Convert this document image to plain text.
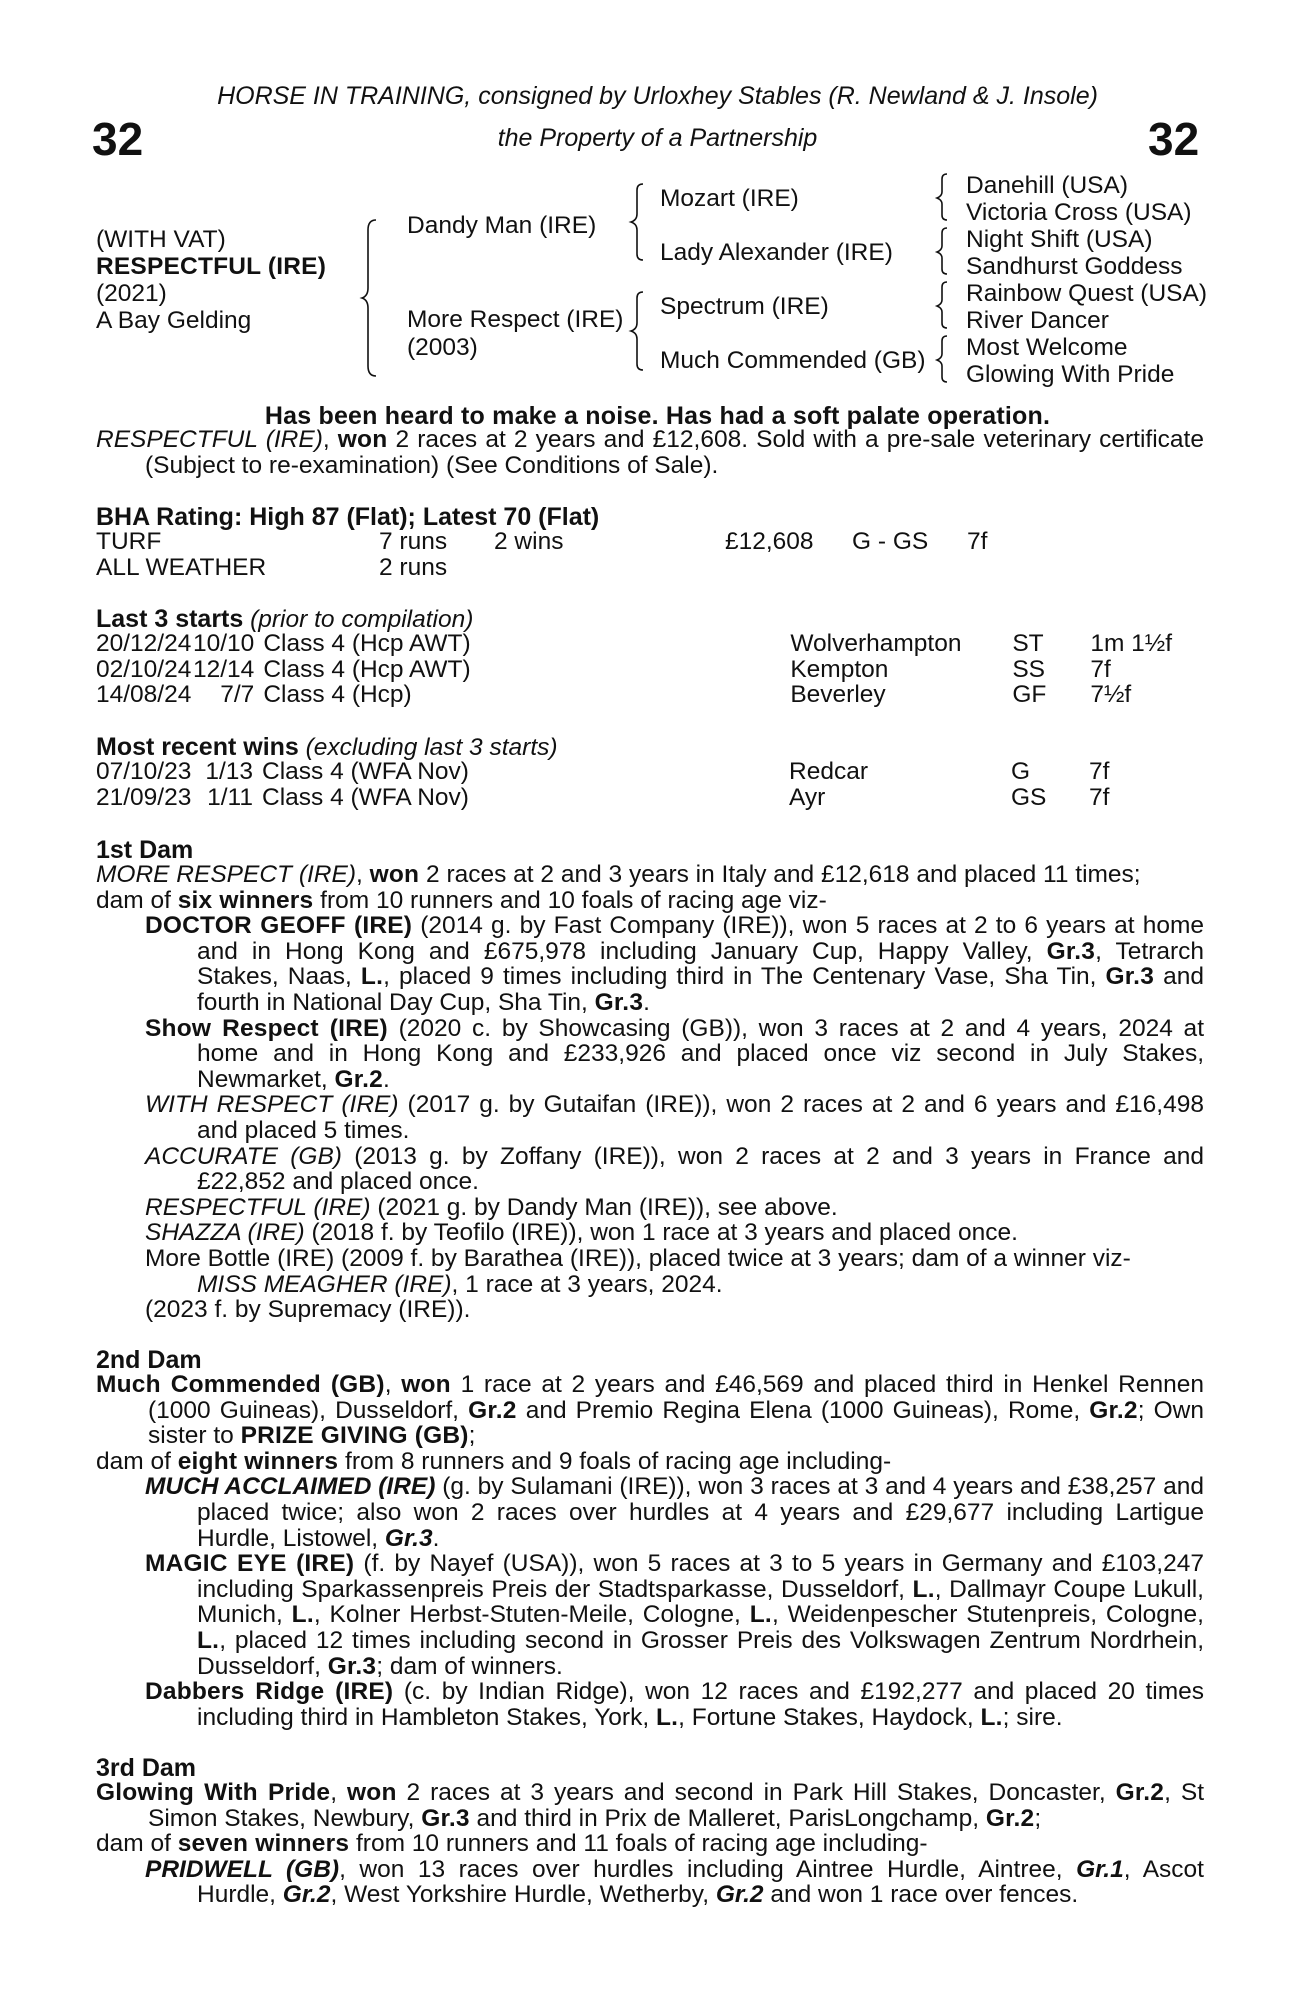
32	32
HORSE IN TRAINING, consigned by Urloxhey Stables (R. Newland & J. Insole)
the Property of a Partnership
(WITH VAT)
RESPECTFUL (IRE)
(2021)
A Bay Gelding
Dandy Man (IRE)
More Respect (IRE)
(2003)
Mozart (IRE)
Lady Alexander (IRE)
Spectrum (IRE)
Much Commended (GB)
Danehill (USA)
Victoria Cross (USA)
Night Shift (USA)
Sandhurst Goddess
Rainbow Quest (USA)
River Dancer
Most Welcome
Glowing With Pride
Has been heard to make a noise. Has had a soft palate operation.

RESPECTFUL (IRE), won 2 races at 2 years and £12,608. Sold with a pre-sale veterinary certificate (Subject to re-examination) (See Conditions of Sale).

BHA Rating: High 87 (Flat); Latest 70 (Flat)
TURF	7 runs	2 wins	£12,608	G - GS	7f
ALL WEATHER	2 runs				
Last 3 starts (prior to compilation)
20/12/24	10/10	Class 4 (Hcp AWT)	Wolverhampton	ST	1m 1½f
02/10/24	12/14	Class 4 (Hcp AWT)	Kempton	SS	7f
14/08/24	7/7	Class 4 (Hcp)	Beverley	GF	7½f
Most recent wins (excluding last 3 starts)
07/10/23	1/13	Class 4 (WFA Nov)	Redcar	G	7f
21/09/23	1/11	Class 4 (WFA Nov)	Ayr	GS	7f
1st Dam

MORE RESPECT (IRE), won 2 races at 2 and 3 years in Italy and £12,618 and placed 11 times;

dam of six winners from 10 runners and 10 foals of racing age viz-

DOCTOR GEOFF (IRE) (2014 g. by Fast Company (IRE)), won 5 races at 2 to 6 years at home and in Hong Kong and £675,978 including January Cup, Happy Valley, Gr.3, Tetrarch Stakes, Naas, L., placed 9 times including third in The Centenary Vase, Sha Tin, Gr.3 and fourth in National Day Cup, Sha Tin, Gr.3.

Show Respect (IRE) (2020 c. by Showcasing (GB)), won 3 races at 2 and 4 years, 2024 at home and in Hong Kong and £233,926 and placed once viz second in July Stakes, Newmarket, Gr.2.

WITH RESPECT (IRE) (2017 g. by Gutaifan (IRE)), won 2 races at 2 and 6 years and £16,498 and placed 5 times.

ACCURATE (GB) (2013 g. by Zoffany (IRE)), won 2 races at 2 and 3 years in France and £22,852 and placed once.

RESPECTFUL (IRE) (2021 g. by Dandy Man (IRE)), see above.

SHAZZA (IRE) (2018 f. by Teofilo (IRE)), won 1 race at 3 years and placed once.

More Bottle (IRE) (2009 f. by Barathea (IRE)), placed twice at 3 years; dam of a winner viz-

MISS MEAGHER (IRE), 1 race at 3 years, 2024.

(2023 f. by Supremacy (IRE)).

2nd Dam

Much Commended (GB), won 1 race at 2 years and £46,569 and placed third in Henkel Rennen (1000 Guineas), Dusseldorf, Gr.2 and Premio Regina Elena (1000 Guineas), Rome, Gr.2; Own sister to PRIZE GIVING (GB);

dam of eight winners from 8 runners and 9 foals of racing age including-

MUCH ACCLAIMED (IRE) (g. by Sulamani (IRE)), won 3 races at 3 and 4 years and £38,257 and placed twice; also won 2 races over hurdles at 4 years and £29,677 including Lartigue Hurdle, Listowel, Gr.3.

MAGIC EYE (IRE) (f. by Nayef (USA)), won 5 races at 3 to 5 years in Germany and £103,247 including Sparkassenpreis Preis der Stadtsparkasse, Dusseldorf, L., Dallmayr Coupe Lukull, Munich, L., Kolner Herbst-Stuten-Meile, Cologne, L., Weidenpescher Stutenpreis, Cologne, L., placed 12 times including second in Grosser Preis des Volkswagen Zentrum Nordrhein, Dusseldorf, Gr.3; dam of winners.

Dabbers Ridge (IRE) (c. by Indian Ridge), won 12 races and £192,277 and placed 20 times including third in Hambleton Stakes, York, L., Fortune Stakes, Haydock, L.; sire.

3rd Dam

Glowing With Pride, won 2 races at 3 years and second in Park Hill Stakes, Doncaster, Gr.2, St Simon Stakes, Newbury, Gr.3 and third in Prix de Malleret, ParisLongchamp, Gr.2;

dam of seven winners from 10 runners and 11 foals of racing age including-

PRIDWELL (GB), won 13 races over hurdles including Aintree Hurdle, Aintree, Gr.1, Ascot Hurdle, Gr.2, West Yorkshire Hurdle, Wetherby, Gr.2 and won 1 race over fences.
